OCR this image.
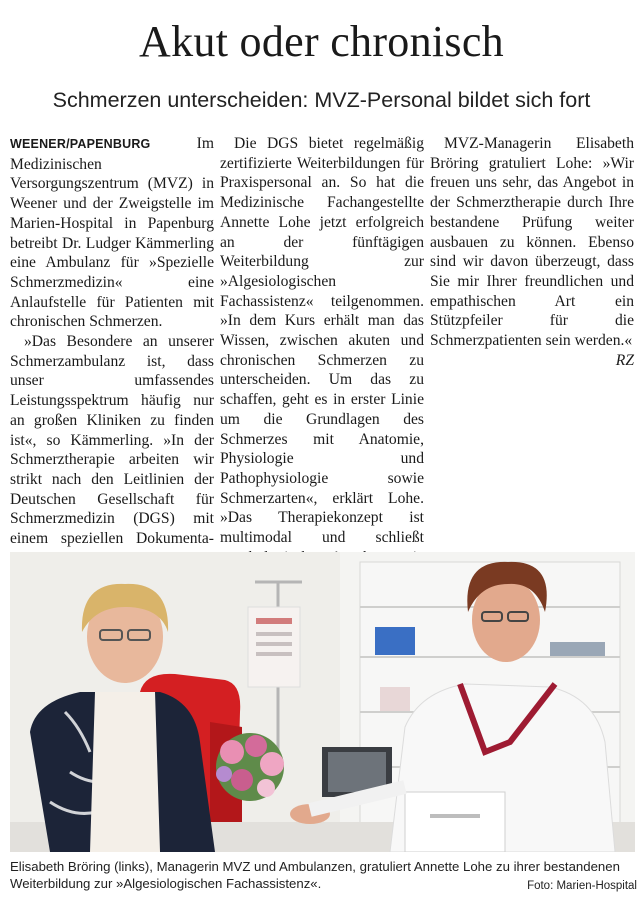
Akut oder chronisch
Schmerzen unterscheiden: MVZ-Personal bildet sich fort

WEENER/PAPENBURG Im Medizinischen Versorgungszentrum (MVZ) in Weener und der Zweigstelle im Marien-Hospital in Papenburg betreibt Dr. Ludger Kämmerling eine Ambulanz für »Spezielle Schmerzmedizin« eine Anlaufstelle für Patienten mit chronischen Schmerzen.

»Das Besondere an unserer Schmerzambulanz ist, dass unser umfassendes Leistungsspektrum häufig nur an großen Kliniken zu finden ist«, so Kämmerling. »In der Schmerztherapie arbeiten wir strikt nach den Leitlinien der Deutschen Gesellschaft für Schmerzmedizin (DGS) mit einem speziellen Dokumenta

Die DGS bietet regelmäßig zertifizierte Weiterbildungen für Praxispersonal an. So hat die Medizinische Fachangestellte Annette Lohe jetzt erfolgreich an der fünftägigen Weiterbildung zur »Algesiologischen Fachassistenz« teilgenommen. »In dem Kurs erhält man das Wissen, zwischen akuten und chronischen Schmerzen zu unterscheiden. Um das zu schaffen, geht es in erster Linie um die Grundlagen des Schmerzes mit Anatomie, Physiologie und Pathophysiologie sowie Schmerzarten«, erklärt Lohe. »Das Therapiekonzept ist multimodal und schließt

MVZ-Managerin Elisabeth Bröring gratuliert Lohe: »Wir freuen uns sehr, das Angebot in der Schmerztherapie durch Ihre bestandene Prüfung weiter ausbauen zu können. Ebenso sind wir davon überzeugt, dass Sie mir Ihrer freundlichen und empathischen Art ein Stützpfeiler für die Schmerzpatienten sein werden.«
RZ

Elisabeth Bröring (links), Managerin MVZ und Ambulanzen, gratuliert Annette Lohe zu ihrer bestandenen Weiterbildung zur »Algesiologischen Fachassistenz«.	Foto: Marien-Hospital
